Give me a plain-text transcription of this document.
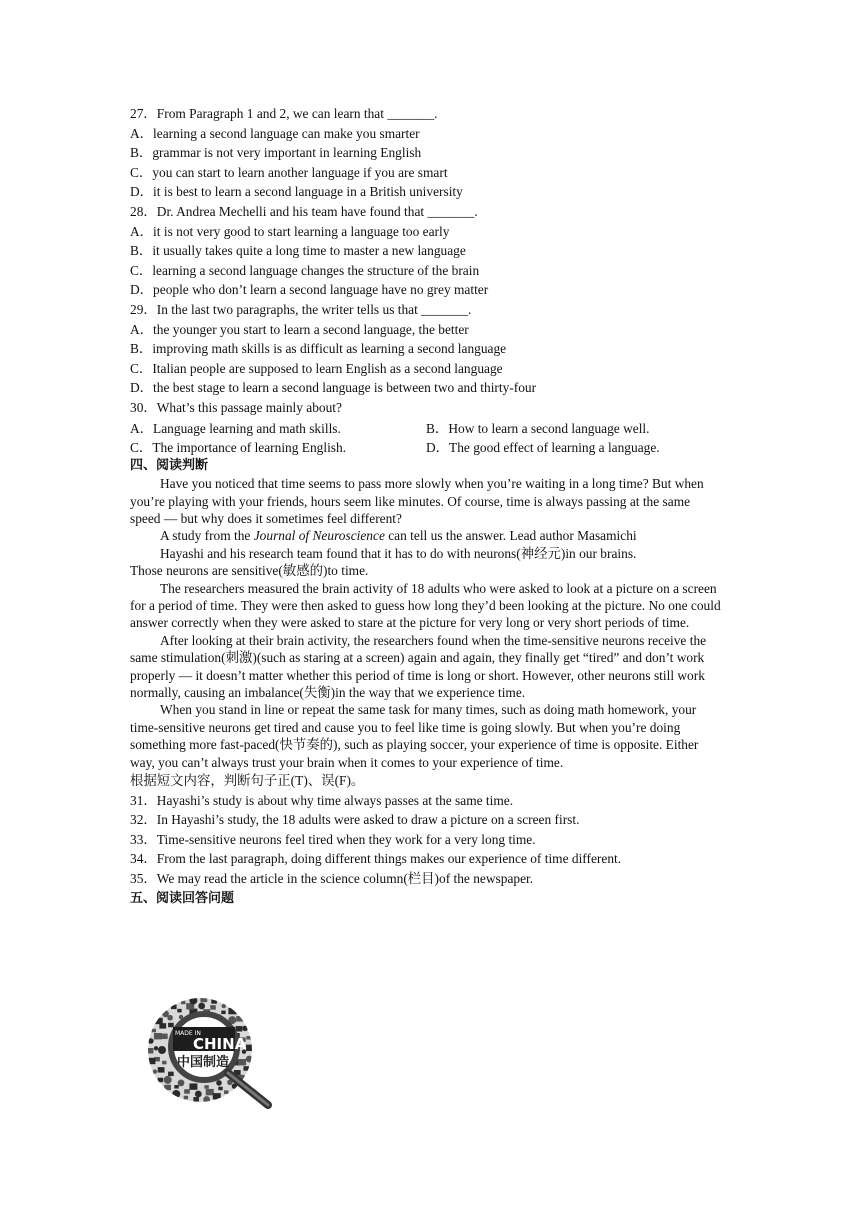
27．From Paragraph 1 and 2, we can learn that _______.
A．learning a second language can make you smarter
B．grammar is not very important in learning English
C．you can start to learn another language if you are smart
D．it is best to learn a second language in a British university
28．Dr. Andrea Mechelli and his team have found that _______.
A．it is not very good to start learning a language too early
B．it usually takes quite a long time to master a new language
C．learning a second language changes the structure of the brain
D．people who don’t learn a second language have no grey matter
29．In the last two paragraphs, the writer tells us that _______.
A．the younger you start to learn a second language, the better
B．improving math skills is as difficult as learning a second language
C．Italian people are supposed to learn English as a second language
D．the best stage to learn a second language is between two and thirty-four
30．What’s this passage mainly about?
A．Language learning and math skills.	B．How to learn a second language well.
C．The importance of learning English.	D．The good effect of learning a language.
四、阅读判断

Have you noticed that time seems to pass more slowly when you’re waiting in a long time? But when you’re playing with your friends, hours seem like minutes. Of course, time is always passing at the same speed — but why does it sometimes feel different?

A study from the Journal of Neuroscience can tell us the answer. Lead author Masamichi

Hayashi and his research team found that it has to do with neurons(神经元)in our brains.

Those neurons are sensitive(敏感的)to time.

The researchers measured the brain activity of 18 adults who were asked to look at a picture on a screen for a period of time. They were then asked to guess how long they’d been looking at the picture. No one could answer correctly when they were asked to stare at the picture for very long or very short periods of time.

After looking at their brain activity, the researchers found when the time-sensitive neurons receive the same stimulation(刺激)(such as staring at a screen) again and again, they finally get “tired” and don’t work properly — it doesn’t matter whether this period of time is long or short. However, other neurons still work normally, causing an imbalance(失衡)in the way that we experience time.

When you stand in line or repeat the same task for many times, such as doing math homework, your time-sensitive neurons get tired and cause you to feel like time is going slowly. But when you’re doing something more fast-paced(快节奏的), such as playing soccer, your experience of time is opposite. Either way, you can’t always trust your brain when it comes to your experience of time.

根据短文内容，判断句子正(T)、误(F)。
31．Hayashi’s study is about why time always passes at the same time.
32．In Hayashi’s study, the 18 adults were asked to draw a picture on a screen first.
33．Time-sensitive neurons feel tired when they work for a very long time.
34．From the last paragraph, doing different things makes our experience of time different.
35．We may read the article in the science column(栏目)of the newspaper.
五、阅读回答问题
MADE IN
CHINA
中国制造
